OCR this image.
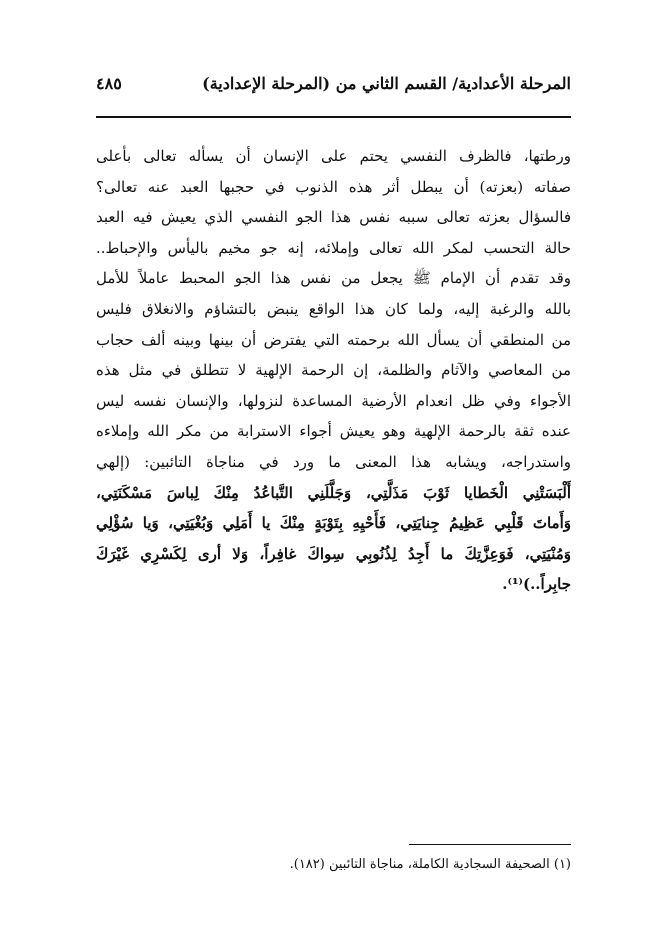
المرحلة الأعدادية/ القسم الثاني من (المرحلة الإعدادية)
٤٨٥
ورطتها، فالظرف النفسي يحتم على الإنسان أن يسأله تعالى بأعلى
صفاته (بعزته) أن يبطل أثر هذه الذنوب في حجبها العبد عنه تعالى؟
فالسؤال بعزته تعالى سببه نفس هذا الجو النفسي الذي يعيش فيه العبد
حالة التحسب لمكر الله تعالى وإملائه، إنه جو مخيم باليأس والإحباط..
وقد تقدم أن الإمام ﷺ يجعل من نفس هذا الجو المحبط عاملاً للأمل
بالله والرغبة إليه، ولما كان هذا الواقع ينبض بالتشاؤم والانغلاق فليس
من المنطقي أن يسأل الله برحمته التي يفترض أن بينها وبينه ألف حجاب
من المعاصي والآثام والظلمة، إن الرحمة الإلهية لا تتطلق في مثل هذه
الأجواء وفي ظل انعدام الأرضية المساعدة لنزولها، والإنسان نفسه ليس
عنده ثقة بالرحمة الإلهية وهو يعيش أجواء الاسترابة من مكر الله وإملاءه
واستدراجه، ويشابه هذا المعنى ما ورد في مناجاة التائبين: (إلهي
أَلْبَسَتْنِي الْخَطايا ثَوْبَ مَذَلَّتِي، وَجَلَّلَنِي التَّباعُدُ مِنْكَ لِباسَ مَسْكَنَتِي،
وَأَماتَ قَلْبِي عَظِيمُ جِنايَتِي، فَأَحْيِهِ بِتَوْبَةٍ مِنْكَ يا أَمَلِي وَبُغْيَتِي، وَيا سُؤْلِي
وَمُنْيَتِي، فَوَعِزَّتِكَ ما أَجِدُ لِذُنُوبِي سِواكَ غافِراً، وَلا أرى لِكَسْرِي غَيْرَكَ
جابِراً..)⁽¹⁾.
(١) الصحيفة السجادية الكاملة، مناجاة التائبين (١٨٢).
